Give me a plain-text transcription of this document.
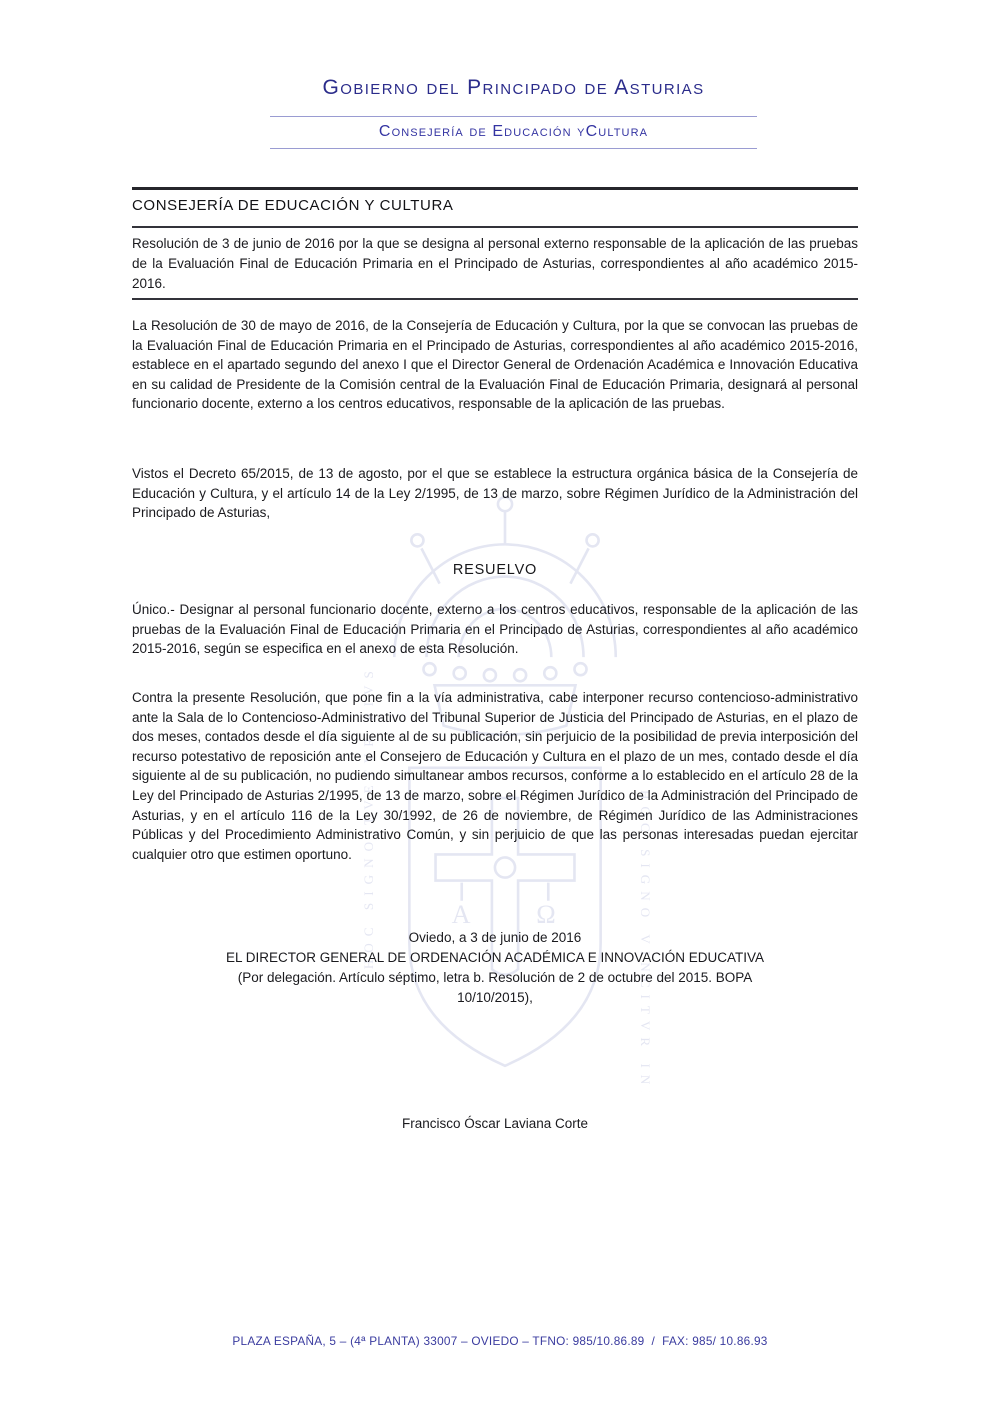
Α	Ω
HOC SIGNO TVETVR PIVS	HOC SIGNO VINCITVR INIMICVS
Gobierno del Principado de Asturias
Consejería de Educación yCultura
CONSEJERÍA DE EDUCACIÓN Y CULTURA
Resolución de 3 de junio de 2016 por la que se designa al personal externo responsable de la aplicación de las pruebas de la Evaluación Final de Educación Primaria en el Principado de Asturias, correspondientes al año académico 2015-2016.
La Resolución de 30 de mayo de 2016, de la Consejería de Educación y Cultura, por la que se convocan las pruebas de la Evaluación Final de Educación Primaria en el Principado de Asturias, correspondientes al año académico 2015-2016, establece en el apartado segundo del anexo I que el Director General de Ordenación Académica e Innovación Educativa en su calidad de Presidente de la Comisión central de la Evaluación Final de Educación Primaria, designará al personal funcionario docente, externo a los centros educativos, responsable de la aplicación de las pruebas.
Vistos el Decreto 65/2015, de 13 de agosto, por el que se establece la estructura orgánica básica de la Consejería de Educación y Cultura, y el artículo 14 de la Ley 2/1995, de 13 de marzo, sobre Régimen Jurídico de la Administración del Principado de Asturias,
RESUELVO
Único.- Designar al personal funcionario docente, externo a los centros educativos, responsable de la aplicación de las pruebas de la Evaluación Final de Educación Primaria en el Principado de Asturias, correspondientes al año académico 2015-2016, según se especifica en el anexo de esta Resolución.
Contra la presente Resolución, que pone fin a la vía administrativa, cabe interponer recurso contencioso-administrativo ante la Sala de lo Contencioso-Administrativo del Tribunal Superior de Justicia del Principado de Asturias, en el plazo de dos meses, contados desde el día siguiente al de su publicación, sin perjuicio de la posibilidad de previa interposición del recurso potestativo de reposición ante el Consejero de Educación y Cultura en el plazo de un mes, contado desde el día siguiente al de su publicación, no pudiendo simultanear ambos recursos, conforme a lo establecido en el artículo 28 de la Ley del Principado de Asturias 2/1995, de 13 de marzo, sobre el Régimen Jurídico de la Administración del Principado de Asturias, y en el artículo 116 de la Ley 30/1992, de 26 de noviembre, de Régimen Jurídico de las Administraciones Públicas y del Procedimiento Administrativo Común, y sin perjuicio de que las personas interesadas puedan ejercitar cualquier otro que estimen oportuno.
Oviedo, a 3 de junio de 2016
EL DIRECTOR GENERAL DE ORDENACIÓN ACADÉMICA E INNOVACIÓN EDUCATIVA
(Por delegación. Artículo séptimo, letra b. Resolución de 2 de octubre del 2015. BOPA
10/10/2015),
Francisco Óscar Laviana Corte
PLAZA ESPAÑA, 5 – (4ª PLANTA) 33007 – OVIEDO – TFNO: 985/10.86.89  /  FAX: 985/ 10.86.93
